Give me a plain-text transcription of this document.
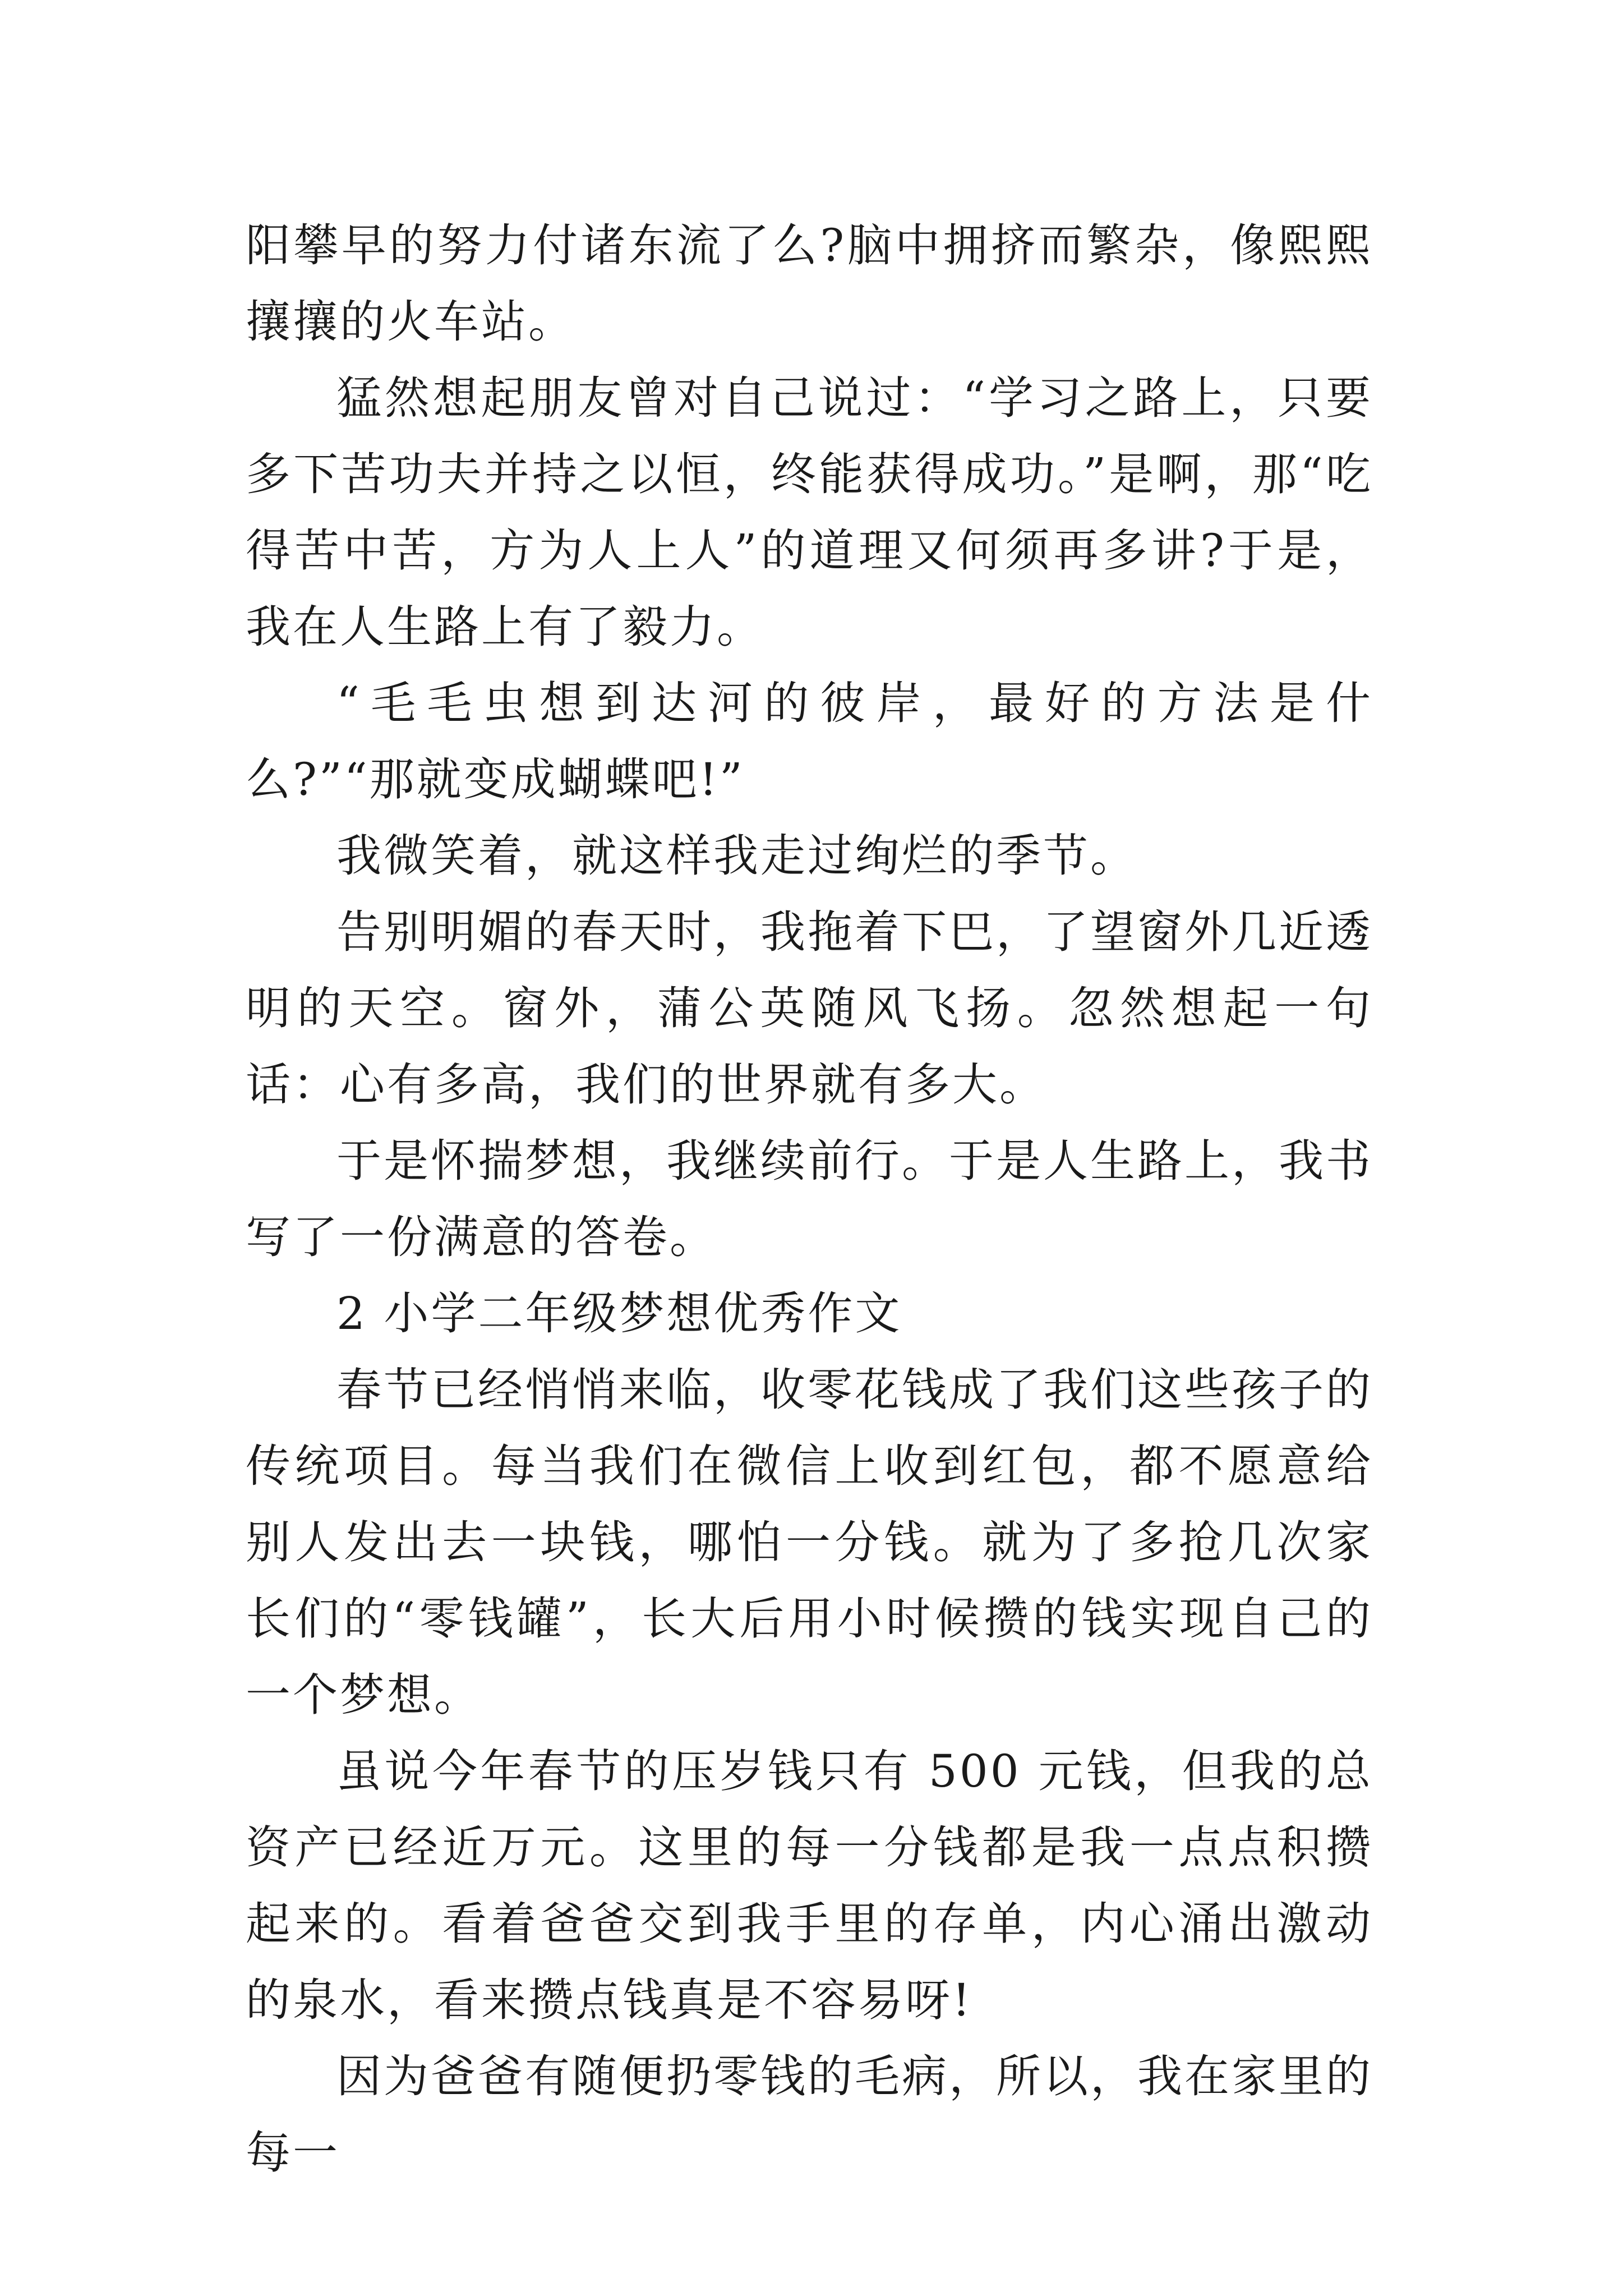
阳攀早的努力付诸东流了么?脑中拥挤而繁杂，像熙熙攘攘的火车站。

猛然想起朋友曾对自己说过：“学习之路上，只要多下苦功夫并持之以恒，终能获得成功。”是啊，那“吃得苦中苦，方为人上人”的道理又何须再多讲?于是，我在人生路上有了毅力。

“毛毛虫想到达河的彼岸，最好的方法是什么?”“那就变成蝴蝶吧!”

我微笑着，就这样我走过绚烂的季节。

告别明媚的春天时，我拖着下巴，了望窗外几近透明的天空。窗外，蒲公英随风飞扬。忽然想起一句话：心有多高，我们的世界就有多大。

于是怀揣梦想，我继续前行。于是人生路上，我书写了一份满意的答卷。

2 小学二年级梦想优秀作文

春节已经悄悄来临，收零花钱成了我们这些孩子的传统项目。每当我们在微信上收到红包，都不愿意给别人发出去一块钱，哪怕一分钱。就为了多抢几次家长们的“零钱罐”，长大后用小时候攒的钱实现自己的一个梦想。

虽说今年春节的压岁钱只有 500 元钱，但我的总资产已经近万元。这里的每一分钱都是我一点点积攒起来的。看着爸爸交到我手里的存单，内心涌出激动的泉水，看来攒点钱真是不容易呀!

因为爸爸有随便扔零钱的毛病，所以，我在家里的每一
